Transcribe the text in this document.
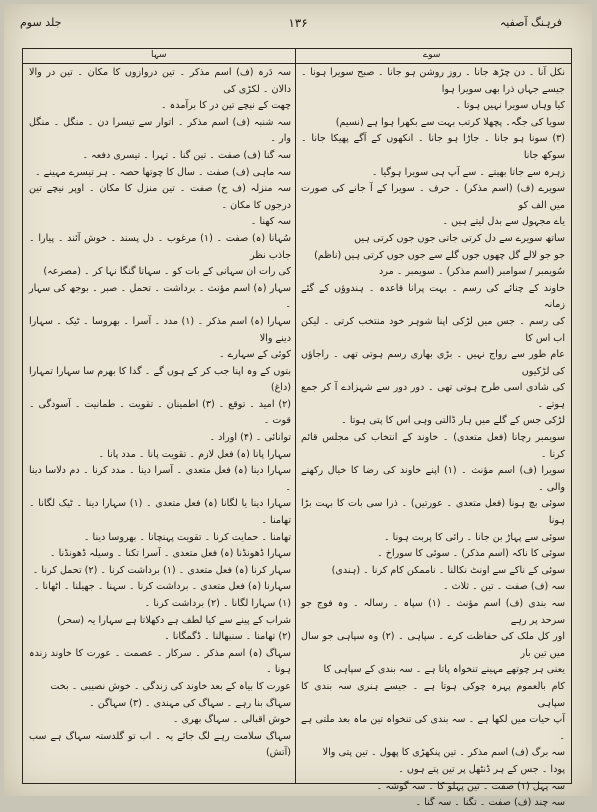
فرہنگ آصفیہ
۱۳۶
جلد سوم
سوے
سہا

نکل آنا ۔ دن چڑھ جانا ۔ روز روشن ہو جانا ۔ صبح سویرا ہونا ۔ جیسے جہاں ذرا بھی سویرا ہوا

کیا وہاں سویرا نہیں ہوتا ۔

سویا کی جگہ۔ پچھلا کرتب بہت سے بکھرا ہوا ہے (نسیم)

(۳) سونا ہو جانا ۔ جاڑا ہو جانا ۔ انکھوں کے آگے پھیکا جانا ۔ سوکھ جانا

زہرہ سے جاتا بھیتے ۔ سے آپ ہی سویرا ہوگیا ۔

سویرے (ف) (اسم مذکر) ۔ حرف ۔ سویرا کے آ جانے کی صورت میں الف کو

یاے مجہول سے بدل لیتے ہیں ۔

ساتھ سویرے سے دل کرتی جاتی جوں جوں کرتی ہیں

جو جو لالے گل چھوں جوں گلے سے جوں جوں کرتی ہیں (ناظم)

سُویمبر / سوامبر (اسم مذکر) ۔ سویمبر ۔ مرد

خاوند کے چنائے کی رسم ۔ بہت پرانا قاعدہ ۔ ہندوؤں کے گئے زمانہ

کی رسم ۔ جس میں لڑکی اپنا شوہر خود منتخب کرتی ۔ لیکن اب اس کا

عام طور سے رواج نہیں ۔ بڑی بھاری رسم ہوتی تھی ۔ راجاؤں کی لڑکیوں

کی شادی اسی طرح ہوتی تھی ۔ دور دور سے شہزادے آ کر جمع ہوتے ۔

لڑکی جس کے گلے میں ہار ڈالتی وہی اس کا پتی ہوتا ۔

سویمبر رچانا (فعل متعدی) ۔ خاوند کے انتخاب کی مجلس قائم کرنا ۔

سویرا (ف) اسم مؤنث ۔ (۱) اپنے خاوند کی رضا کا خیال رکھنے والی ۔

سوئی بچ ہونا (فعل متعدی ۔ عورتیں) ۔ ذرا سی بات کا بہت بڑا ہونا

سوئی سے پہاڑ بن جانا ۔ رائی کا پربت ہونا ۔

سوئی کا ناکہ (اسم مذکر) ۔ سوئی کا سوراخ ۔

سوئی کے ناکے سے اونٹ نکالنا ۔ ناممکن کام کرنا ۔ (ہندی)

سہ (ف) صفت ۔ تین ۔ ثلاث ۔

سہ بندی (ف) اسم مؤنث ۔ (۱) سپاہ ۔ رسالہ ۔ وہ فوج جو سرحد پر رہے

اور کل ملک کی حفاظت کرے ۔ سپاہی ۔ (۲) وہ سپاہی جو سال میں تین بار

یعنی ہر چوتھے مہینے تنخواہ پاتا ہے ۔ سہ بندی کے سپاہی کا

کام بالعموم پہرہ چوکی ہوتا ہے ۔ جیسے ہنری سہ بندی کا سپاہی

آپ حیات میں لکھا ہے ۔ سہ بندی کی تنخواہ تین ماہ بعد ملتی ہے ۔

سہ برگ (ف) اسم مذکر ۔ تین پنکھڑی کا پھول ۔ تین پتی والا

پودا ۔ جس کے ہر ڈنٹھل پر تین پتے ہوں ۔

سہ پہل (۱) صفت ۔ تین پہلو کا ۔ سہ گوشہ ۔

سہ چند (ف) صفت ۔ تگنا ۔ سہ گنا ۔

سہ دَرہ (ف) اسم مذکر ۔ تین دروازوں کا مکان ۔ تین در والا دالان ۔ لکڑی کی

چھت کے نیچے تین در کا برآمدہ ۔

سہ شنبہ (ف) اسم مذکر ۔ اتوار سے تیسرا دن ۔ منگل ۔ منگل وار ۔

سہ گنا (ف) صفت ۔ تین گنا ۔ تہرا ۔ تیسری دفعہ ۔

سہ ماہی (ف) صفت ۔ سال کا چوتھا حصہ ۔ ہر تیسرے مہینے ۔

سہ منزلہ (ف ح) صفت ۔ تین منزل کا مکان ۔ اوپر نیچے تین درجوں کا مکان ۔

سہ کھنا ۔

سُہانا (ہ) صفت ۔ (۱) مرغوب ۔ دل پسند ۔ خوش آئند ۔ پیارا ۔ جاذب نظر

کی رات ان سہانی کے بات کو ۔ سہاتا گنگا نہا کر ۔ (مصرعہ)

سہار (ہ) اسم مؤنث ۔ برداشت ۔ تحمل ۔ صبر ۔ بوجھ کی سہار ۔

سہارا (ہ) اسم مذکر ۔ (۱) مدد ۔ آسرا ۔ بھروسا ۔ ٹیک ۔ سہارا دینے والا

کوئی کے سہارے ۔

بتوں کے وہ اپنا جب کر کے ہوں گے ۔ گدا کا بھرم سا سہارا تمہارا (داغ)

(۲) امید ۔ توقع ۔ (۳) اطمینان ۔ تقویت ۔ طمانیت ۔ آسودگی ۔ قوت ۔

توانائی ۔ (۴) اوراد ۔

سہارا پانا (ہ) فعل لازم ۔ تقویت پانا ۔ مدد پانا ۔

سہارا دینا (ہ) فعل متعدی ۔ آسرا دینا ۔ مدد کرنا ۔ دم دلاسا دینا ۔

سہارا دینا یا لگانا (ہ) فعل متعدی ۔ (۱) سہارا دینا ۔ ٹیک لگانا ۔ تھامنا ۔

تھامنا ۔ حمایت کرنا ۔ تقویت پہنچانا ۔ بھروسا دینا ۔

سہارا ڈھونڈنا (ہ) فعل متعدی ۔ آسرا تکنا ۔ وسیلہ ڈھونڈنا ۔

سہار کرنا (ہ) فعل متعدی ۔ (۱) برداشت کرنا ۔ (۲) تحمل کرنا ۔

سہارنا (ہ) فعل متعدی ۔ برداشت کرنا ۔ سہنا ۔ جھیلنا ۔ اٹھانا ۔

(۱) سہارا لگانا ۔ (۲) برداشت کرنا ۔

شراب کے پینے سے کیا لطف ہے دکھلاتا ہے سہارا یہ (سحر)

(۲) تھامنا ۔ سنبھالنا ۔ ڈگمگانا ۔

سہاگ (ہ) اسم مذکر ۔ سرکار ۔ عصمت ۔ عورت کا خاوند زندہ ہونا ۔

عورت کا بیاہ کے بعد خاوند کی زندگی ۔ خوش نصیبی ۔ بخت

سہاگ بنا رہے ۔ سہاگ کی مہندی ۔ (۳) سہاگن ۔

خوش اقبالی ۔ سہاگ بھری ۔

سہاگ سلامت رہے لگ جائے یہ ۔ اب تو گلدستہ سہاگ ہے سب (آتش)
